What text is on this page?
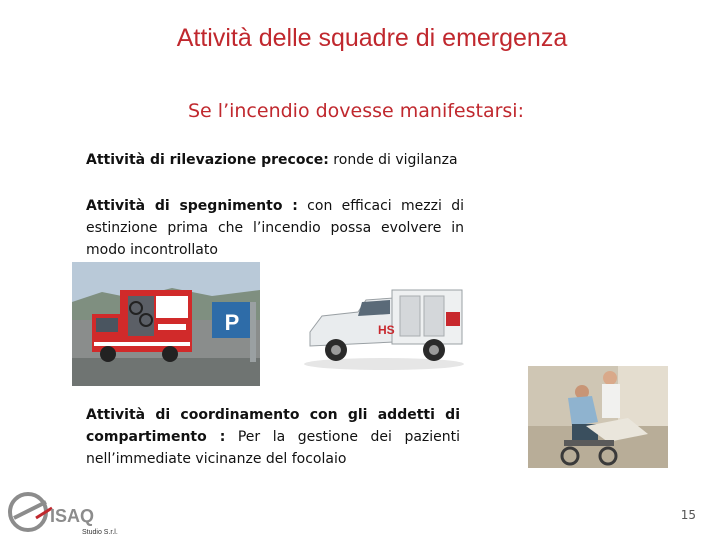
Attività delle squadre di emergenza
Se l’incendio dovesse manifestarsi:
Attività di rilevazione precoce: ronde di vigilanza
Attività di spegnimento : con efficaci mezzi di estinzione prima che l’incendio possa evolvere in modo incontrollato
P	HS
Attività di coordinamento con gli addetti di compartimento : Per la gestione dei pazienti nell’immediate vicinanze del focolaio
ISAQ
Studio S.r.l.
15
